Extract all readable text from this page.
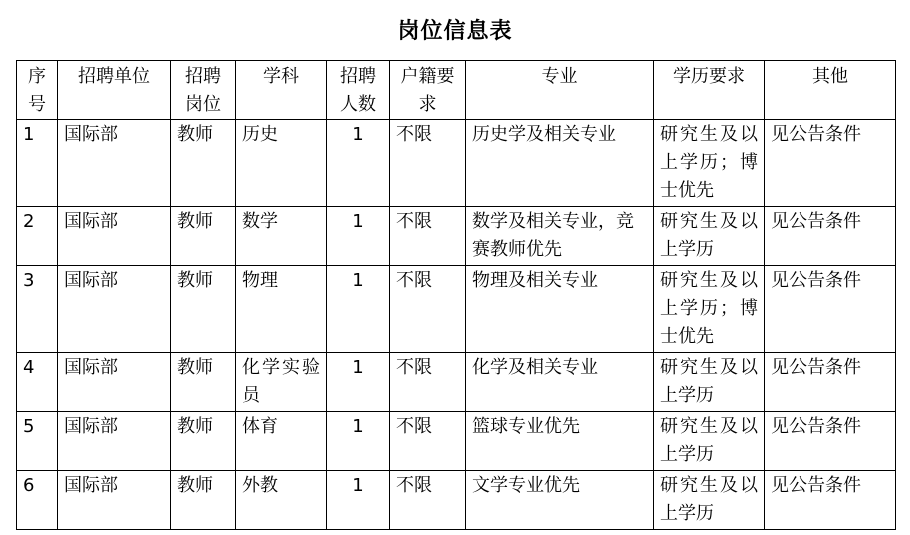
岗位信息表
序号	招聘单位	招聘岗位	学科	招聘人数	户籍要求	专业	学历要求	其他
1	国际部	教师	历史	1	不限	历史学及相关专业	研究生及以上学历；博士优先	见公告条件
2	国际部	教师	数学	1	不限	数学及相关专业，竞赛教师优先	研究生及以上学历	见公告条件
3	国际部	教师	物理	1	不限	物理及相关专业	研究生及以上学历；博士优先	见公告条件
4	国际部	教师	化学实验员	1	不限	化学及相关专业	研究生及以上学历	见公告条件
5	国际部	教师	体育	1	不限	篮球专业优先	研究生及以上学历	见公告条件
6	国际部	教师	外教	1	不限	文学专业优先	研究生及以上学历	见公告条件
